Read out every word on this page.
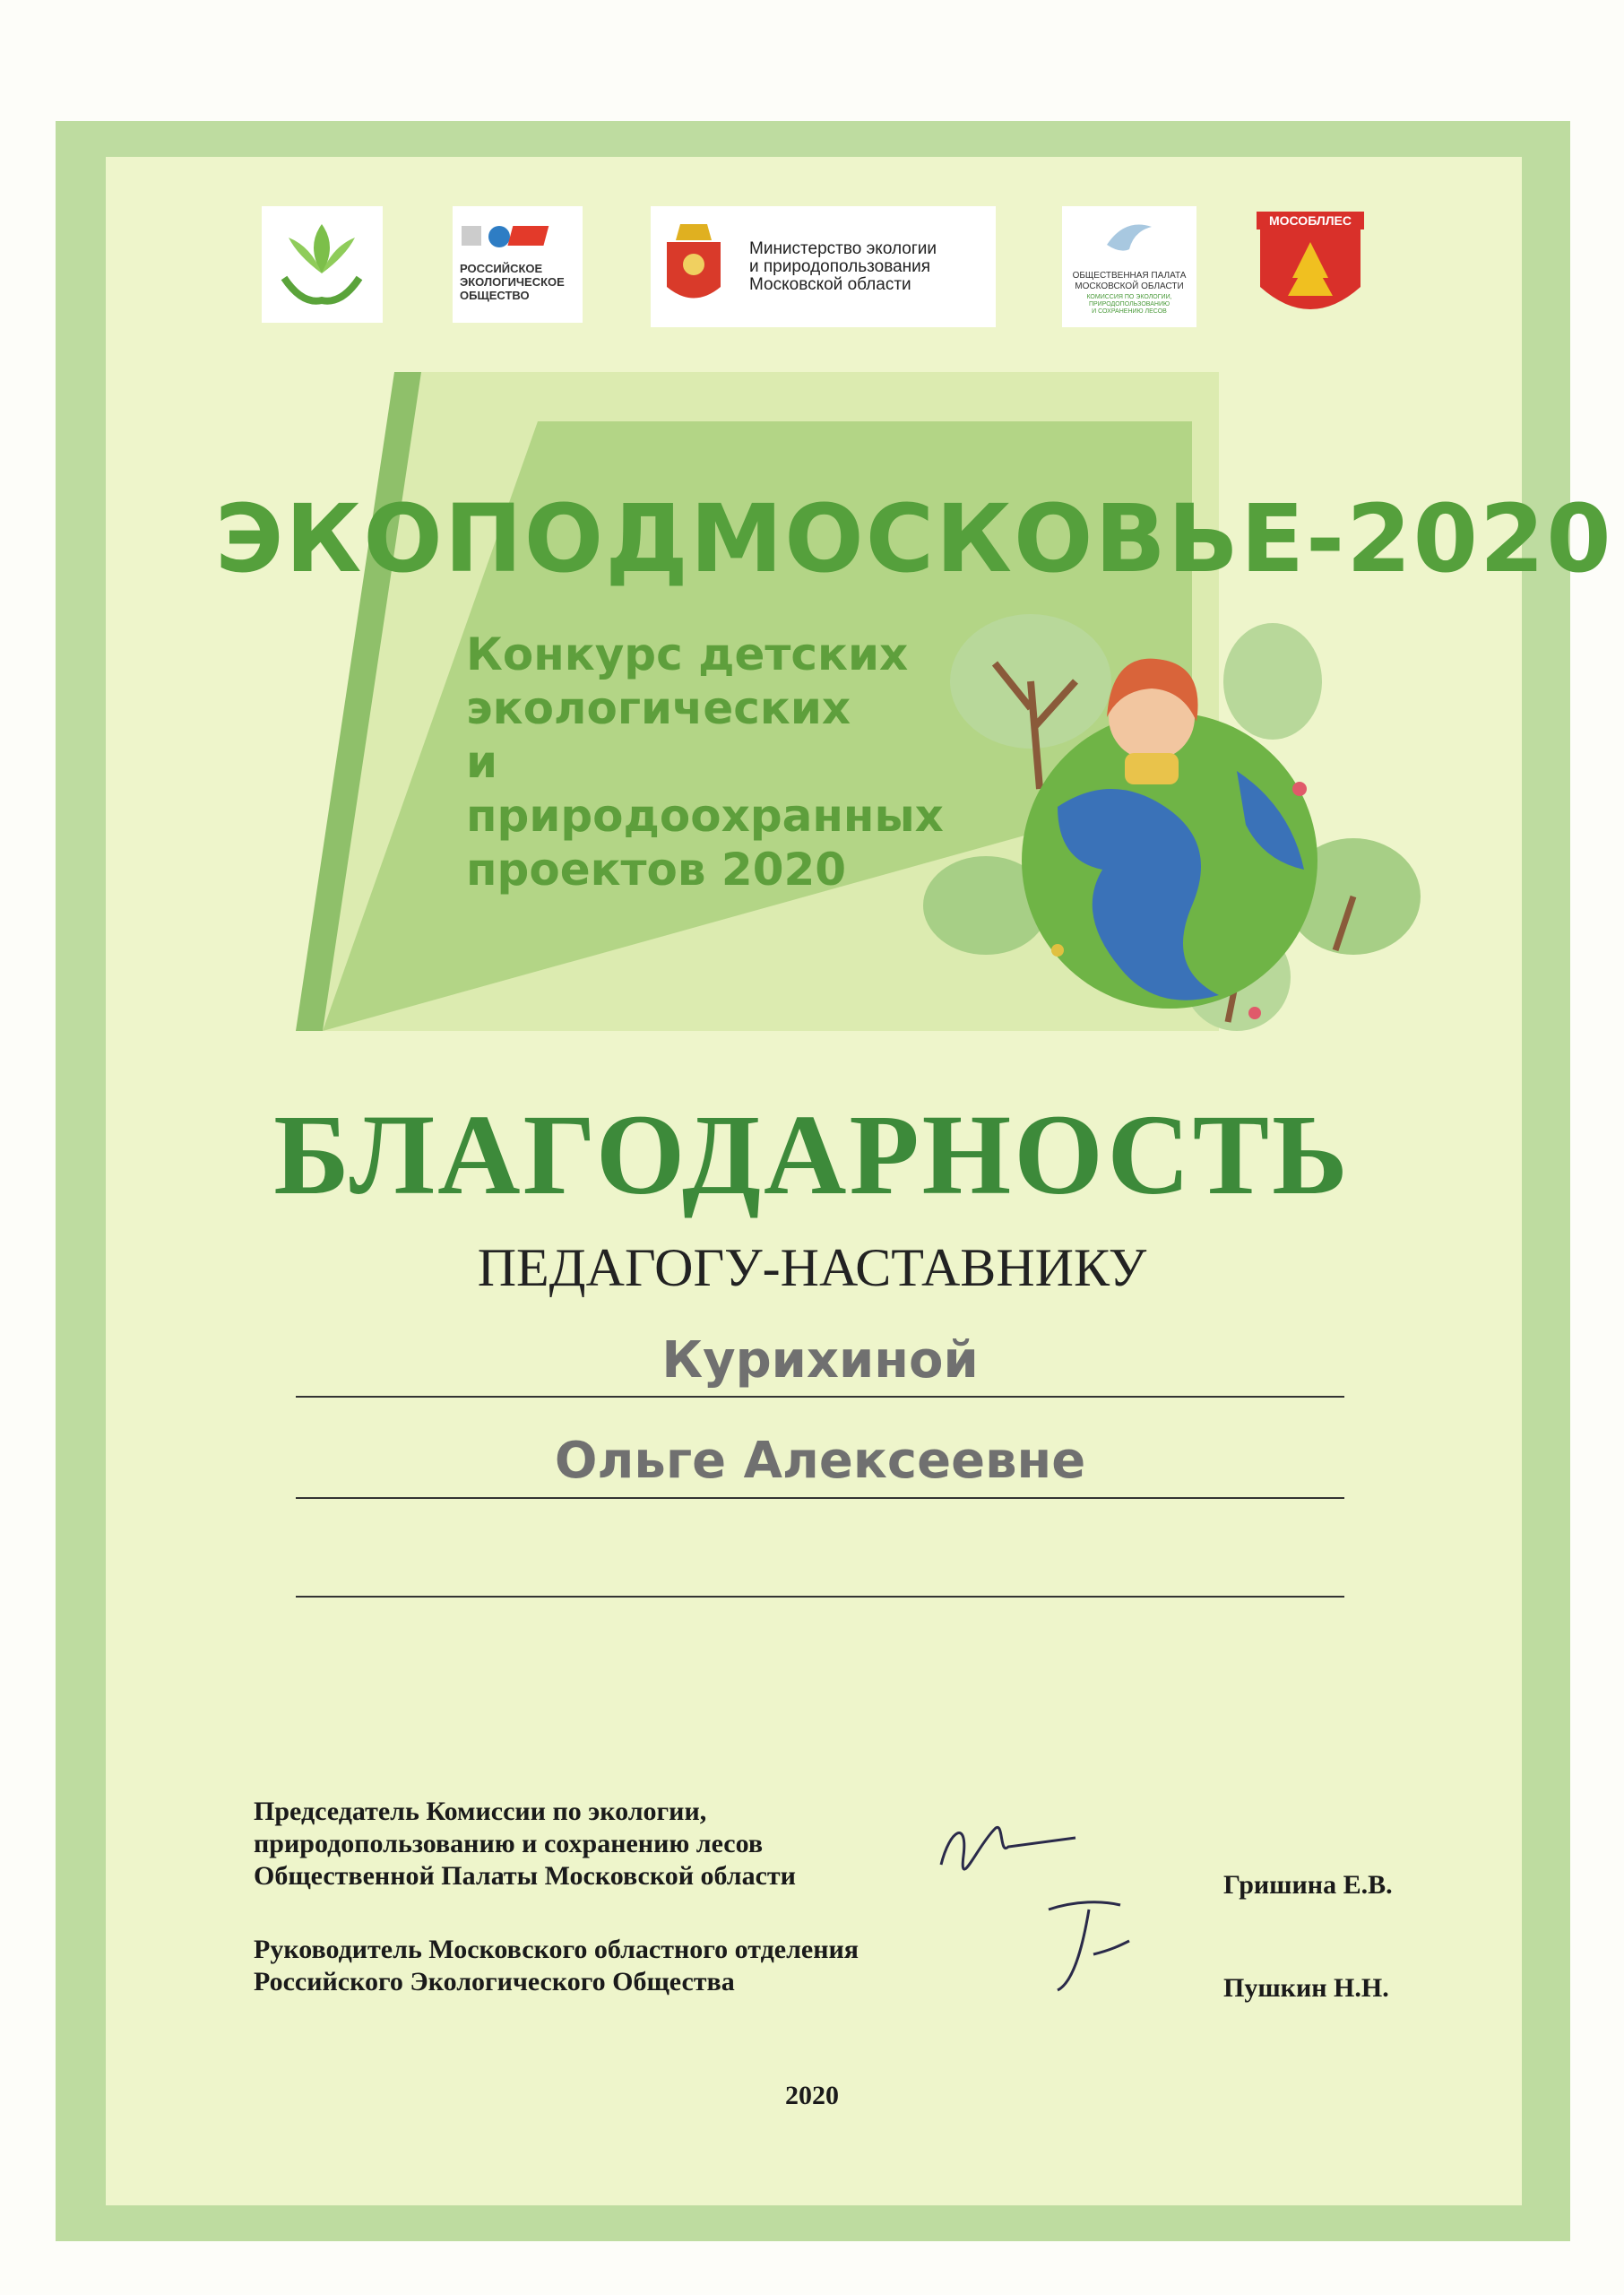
РОССИЙСКОЕ
ЭКОЛОГИЧЕСКОЕ
ОБЩЕСТВО
Министерство экологии
и природопользования
Московской области	ОБЩЕСТВЕННАЯ ПАЛАТА
МОСКОВСКОЙ ОБЛАСТИ
КОМИССИЯ ПО ЭКОЛОГИИ,
ПРИРОДОПОЛЬЗОВАНИЮ
И СОХРАНЕНИЮ ЛЕСОВ
МОСОБЛЛЕС
ЭКОПОДМОСКОВЬЕ-2020
Конкурс детских
экологических
и природоохранных
проектов 2020
БЛАГОДАРНОСТЬ
ПЕДАГОГУ-НАСТАВНИКУ
Курихиной
Ольге Алексеевне
Председатель Комиссии по экологии,
природопользованию и сохранению лесов
Общественной Палаты Московской области	Гришина Е.В.
Руководитель Московского областного отделения
Российского Экологического Общества	Пушкин Н.Н.
2020
